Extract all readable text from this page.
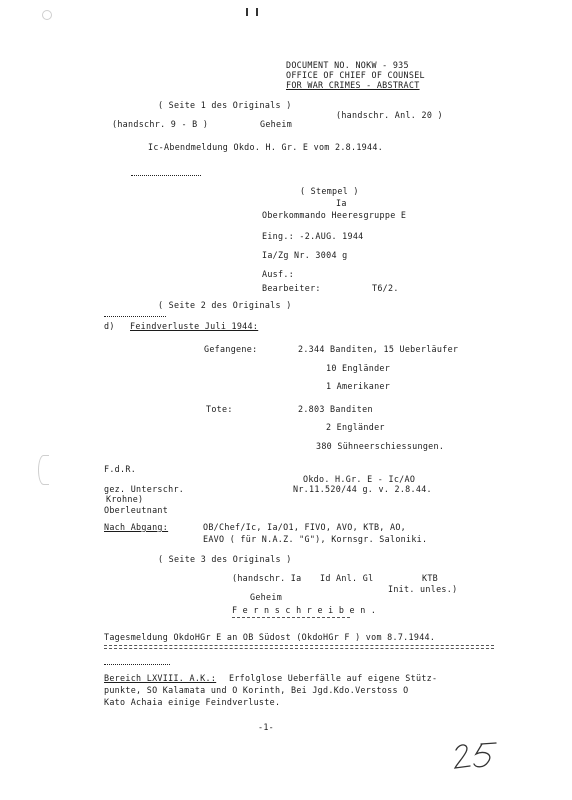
DOCUMENT NO. NOKW - 935
OFFICE OF CHIEF OF COUNSEL
FOR WAR CRIMES - ABSTRACT
( Seite 1 des Originals )
(handschr. Anl. 20 )
(handschr. 9 - B )	Geheim
Ic-Abendmeldung Okdo. H. Gr. E vom 2.8.1944.
( Stempel )
Ia
Oberkommando Heeresgruppe E
Eing.: -2.AUG. 1944
Ia/Zg Nr. 3004 g
Ausf.:
Bearbeiter:	T6/2.
( Seite 2 des Originals )
d) Feindverluste Juli 1944:
Gefangene:	2.344 Banditen, 15 Ueberläufer
10 Engländer
1 Amerikaner
Tote:	2.803 Banditen
2 Engländer
380 Sühneerschiessungen.
F.d.R.
Okdo. H.Gr. E - Ic/AO
gez. Unterschr.	Nr.11.520/44 g. v. 2.8.44.
Krohne)
Oberleutnant
Nach Abgang:	OB/Chef/Ic, Ia/O1, FIVO, AVO, KTB, AO,
EAVO ( für N.A.Z. "G"), Kornsgr. Saloniki.
( Seite 3 des Originals )
(handschr. Ia Id Anl. Gl	KTB
Init. unles.)
Geheim
F e r n s c h r e i b e n .
Tagesmeldung OkdoHGr E an OB Südost (OkdoHGr F ) vom 8.7.1944.
Bereich LXVIII. A.K.: Erfolglose Ueberfälle auf eigene Stütz-
punkte, SO Kalamata und O Korinth, Bei Jgd.Kdo.Verstoss O
Kato Achaia einige Feindverluste.
-1-
